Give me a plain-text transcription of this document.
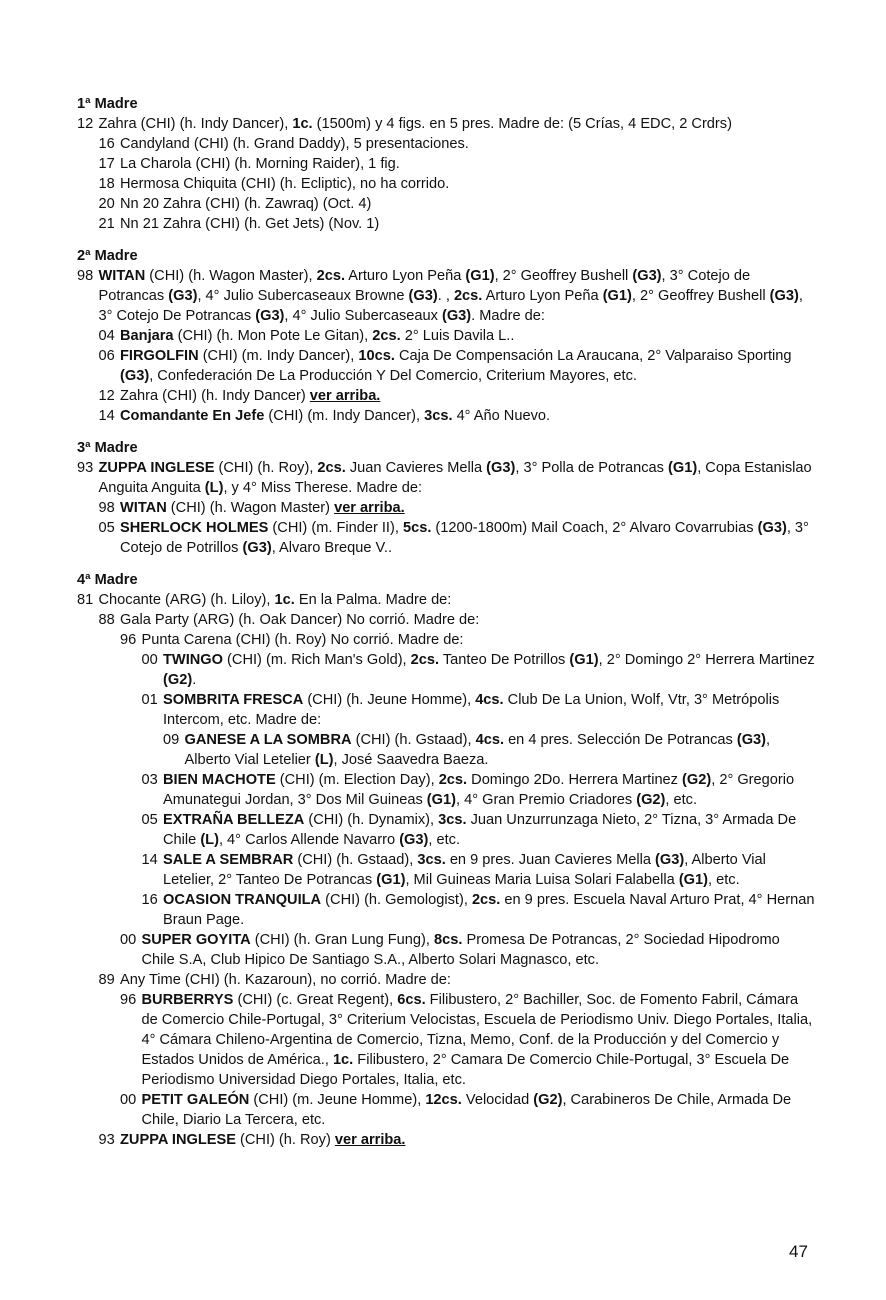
1ª Madre
12 Zahra (CHI) (h. Indy Dancer), 1c. (1500m) y 4 figs. en 5 pres. Madre de: (5 Crías, 4 EDC, 2 Crdrs)
16 Candyland (CHI) (h. Grand Daddy), 5 presentaciones.
17 La Charola (CHI) (h. Morning Raider), 1 fig.
18 Hermosa Chiquita (CHI) (h. Ecliptic), no ha corrido.
20 Nn 20 Zahra (CHI) (h. Zawraq) (Oct. 4)
21 Nn 21 Zahra (CHI) (h. Get Jets) (Nov. 1)
2ª Madre
98 WITAN (CHI) (h. Wagon Master), 2cs. Arturo Lyon Peña (G1), 2° Geoffrey Bushell (G3), 3° Cotejo de Potrancas (G3), 4° Julio Subercaseaux Browne (G3). , 2cs. Arturo Lyon Peña (G1), 2° Geoffrey Bushell (G3), 3° Cotejo De Potrancas (G3), 4° Julio Subercaseaux (G3). Madre de:
04 Banjara (CHI) (h. Mon Pote Le Gitan), 2cs. 2° Luis Davila L..
06 FIRGOLFIN (CHI) (m. Indy Dancer), 10cs. Caja De Compensación La Araucana, 2° Valparaiso Sporting (G3), Confederación De La Producción Y Del Comercio, Criterium Mayores, etc.
12 Zahra (CHI) (h. Indy Dancer) ver arriba.
14 Comandante En Jefe (CHI) (m. Indy Dancer), 3cs. 4° Año Nuevo.
3ª Madre
93 ZUPPA INGLESE (CHI) (h. Roy), 2cs. Juan Cavieres Mella (G3), 3° Polla de Potrancas (G1), Copa Estanislao Anguita Anguita (L), y 4° Miss Therese. Madre de:
98 WITAN (CHI) (h. Wagon Master) ver arriba.
05 SHERLOCK HOLMES (CHI) (m. Finder II), 5cs. (1200-1800m) Mail Coach, 2° Alvaro Covarrubias (G3), 3° Cotejo de Potrillos (G3), Alvaro Breque V..
4ª Madre
81 Chocante (ARG) (h. Liloy), 1c. En la Palma. Madre de:
88 Gala Party (ARG) (h. Oak Dancer) No corrió. Madre de:
96 Punta Carena (CHI) (h. Roy) No corrió. Madre de:
00 TWINGO (CHI) (m. Rich Man's Gold), 2cs. Tanteo De Potrillos (G1), 2° Domingo 2° Herrera Martinez (G2).
01 SOMBRITA FRESCA (CHI) (h. Jeune Homme), 4cs. Club De La Union, Wolf, Vtr, 3° Metrópolis Intercom, etc. Madre de:
09 GANESE A LA SOMBRA (CHI) (h. Gstaad), 4cs. en 4 pres. Selección De Potrancas (G3), Alberto Vial Letelier (L), José Saavedra Baeza.
03 BIEN MACHOTE (CHI) (m. Election Day), 2cs. Domingo 2Do. Herrera Martinez (G2), 2° Gregorio Amunategui Jordan, 3° Dos Mil Guineas (G1), 4° Gran Premio Criadores (G2), etc.
05 EXTRAÑA BELLEZA (CHI) (h. Dynamix), 3cs. Juan Unzurrunzaga Nieto, 2° Tizna, 3° Armada De Chile (L), 4° Carlos Allende Navarro (G3), etc.
14 SALE A SEMBRAR (CHI) (h. Gstaad), 3cs. en 9 pres. Juan Cavieres Mella (G3), Alberto Vial Letelier, 2° Tanteo De Potrancas (G1), Mil Guineas Maria Luisa Solari Falabella (G1), etc.
16 OCASION TRANQUILA (CHI) (h. Gemologist), 2cs. en 9 pres. Escuela Naval Arturo Prat, 4° Hernan Braun Page.
00 SUPER GOYITA (CHI) (h. Gran Lung Fung), 8cs. Promesa De Potrancas, 2° Sociedad Hipodromo Chile S.A, Club Hipico De Santiago S.A., Alberto Solari Magnasco, etc.
89 Any Time (CHI) (h. Kazaroun), no corrió. Madre de:
96 BURBERRYS (CHI) (c. Great Regent), 6cs. Filibustero, 2° Bachiller, Soc. de Fomento Fabril, Cámara de Comercio Chile-Portugal, 3° Criterium Velocistas, Escuela de Periodismo Univ. Diego Portales, Italia, 4° Cámara Chileno-Argentina de Comercio, Tizna, Memo, Conf. de la Producción y del Comercio y Estados Unidos de América., 1c. Filibustero, 2° Camara De Comercio Chile-Portugal, 3° Escuela De Periodismo Universidad Diego Portales, Italia, etc.
00 PETIT GALEÓN (CHI) (m. Jeune Homme), 12cs. Velocidad (G2), Carabineros De Chile, Armada De Chile, Diario La Tercera, etc.
93 ZUPPA INGLESE (CHI) (h. Roy) ver arriba.
47
